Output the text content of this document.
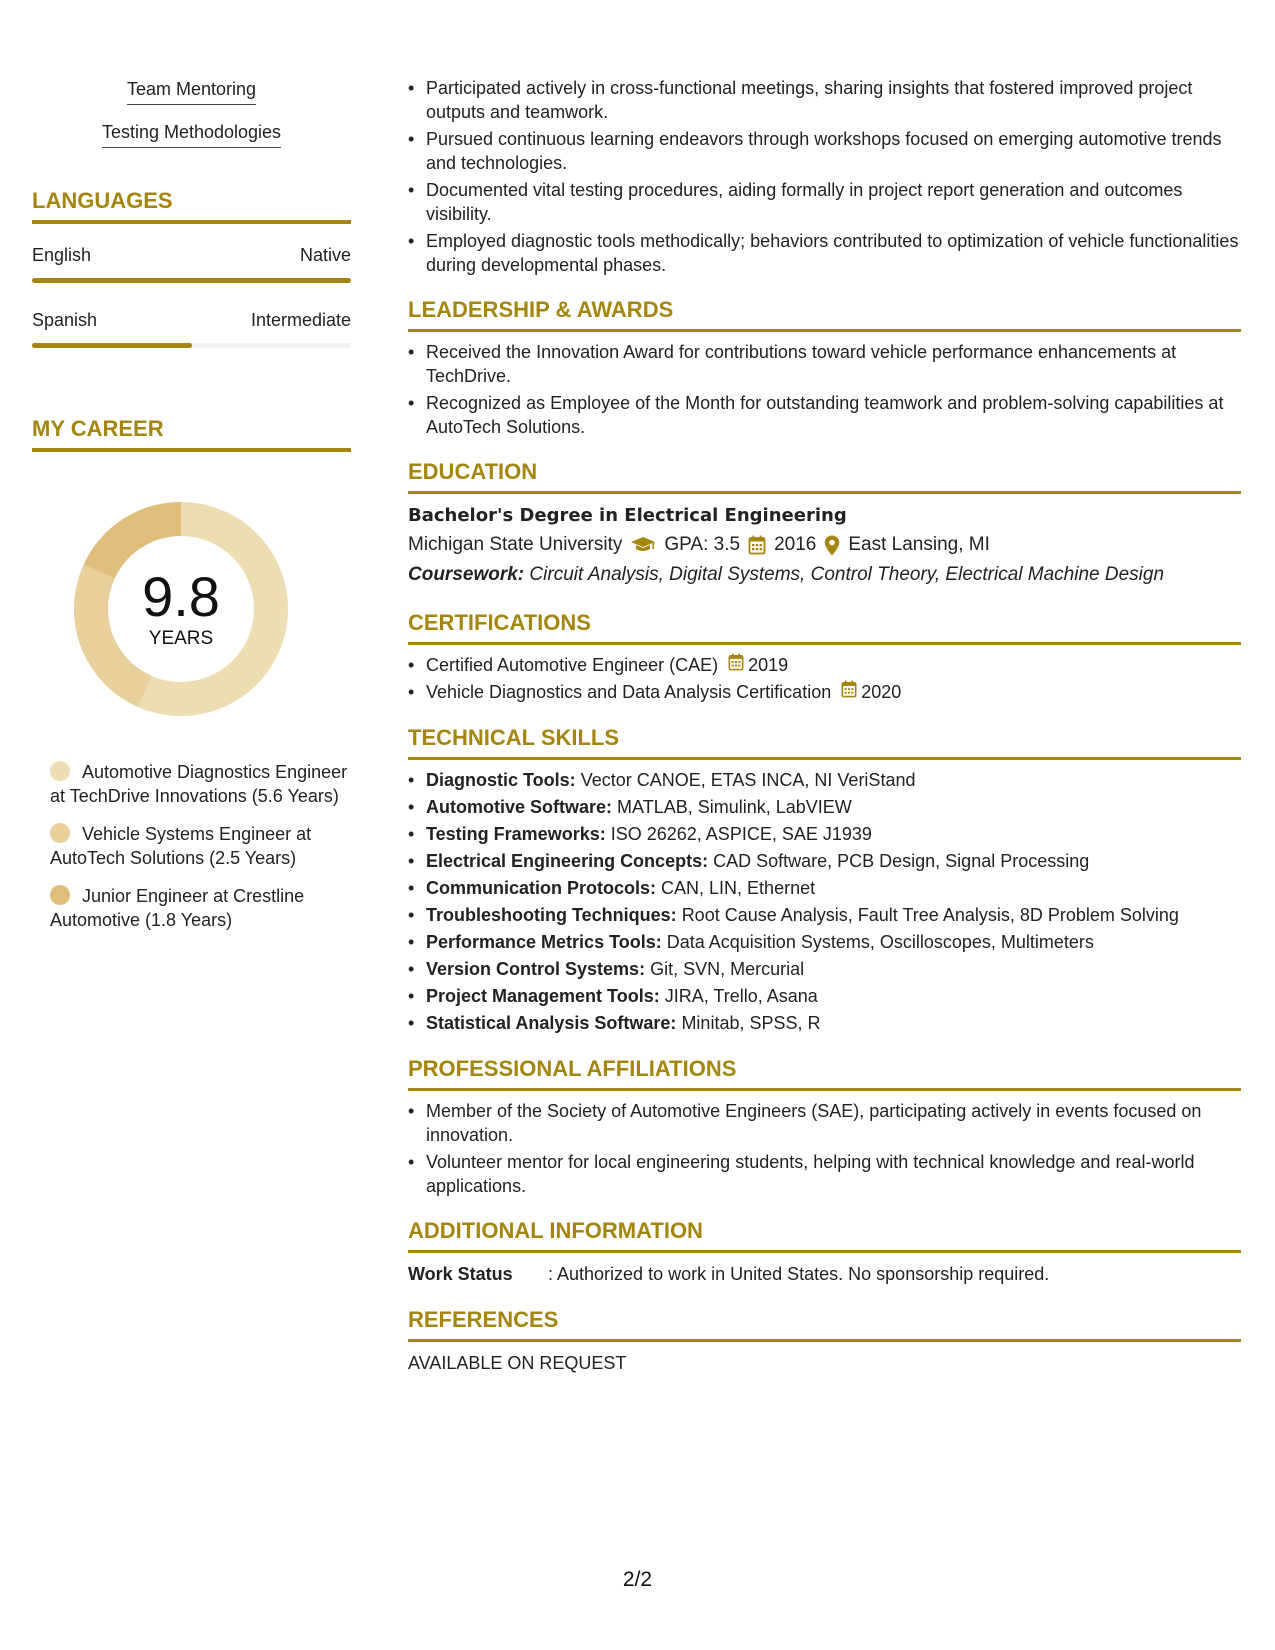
Team Mentoring
Testing Methodologies
LANGUAGES
English	Native
Spanish	Intermediate
MY CAREER
9.8
YEARS
Automotive Diagnostics Engineer at TechDrive Innovations (5.6 Years)
Vehicle Systems Engineer at AutoTech Solutions (2.5 Years)
Junior Engineer at Crestline Automotive (1.8 Years)
• Participated actively in cross-functional meetings, sharing insights that fostered improved project outputs and teamwork.
• Pursued continuous learning endeavors through workshops focused on emerging automotive trends and technologies.
• Documented vital testing procedures, aiding formally in project report generation and outcomes visibility.
• Employed diagnostic tools methodically; behaviors contributed to optimization of vehicle functionalities during developmental phases.
LEADERSHIP & AWARDS
• Received the Innovation Award for contributions toward vehicle performance enhancements at TechDrive.
• Recognized as Employee of the Month for outstanding teamwork and problem-solving capabilities at AutoTech Solutions.
EDUCATION
Bachelor's Degree in Electrical Engineering
Michigan State University GPA: 3.5 2016 East Lansing, MI
Coursework: Circuit Analysis, Digital Systems, Control Theory, Electrical Machine Design
CERTIFICATIONS
• Certified Automotive Engineer (CAE) 2019
• Vehicle Diagnostics and Data Analysis Certification 2020
TECHNICAL SKILLS
• Diagnostic Tools: Vector CANOE, ETAS INCA, NI VeriStand
• Automotive Software: MATLAB, Simulink, LabVIEW
• Testing Frameworks: ISO 26262, ASPICE, SAE J1939
• Electrical Engineering Concepts: CAD Software, PCB Design, Signal Processing
• Communication Protocols: CAN, LIN, Ethernet
• Troubleshooting Techniques: Root Cause Analysis, Fault Tree Analysis, 8D Problem Solving
• Performance Metrics Tools: Data Acquisition Systems, Oscilloscopes, Multimeters
• Version Control Systems: Git, SVN, Mercurial
• Project Management Tools: JIRA, Trello, Asana
• Statistical Analysis Software: Minitab, SPSS, R
PROFESSIONAL AFFILIATIONS
• Member of the Society of Automotive Engineers (SAE), participating actively in events focused on innovation.
• Volunteer mentor for local engineering students, helping with technical knowledge and real-world applications.
ADDITIONAL INFORMATION
Work Status	: Authorized to work in United States. No sponsorship required.
REFERENCES
AVAILABLE ON REQUEST
2/2
